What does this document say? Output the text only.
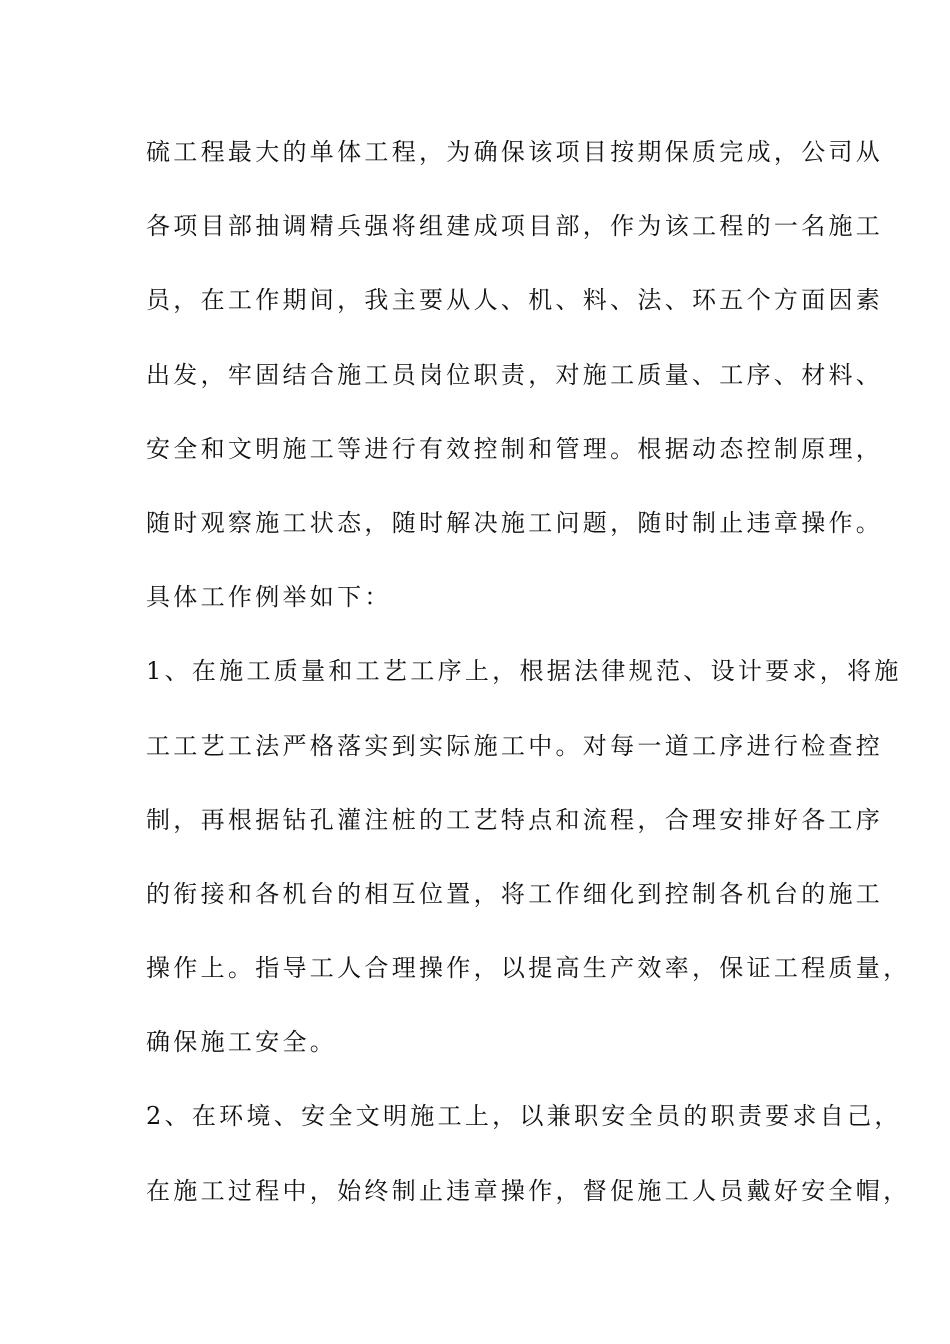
硫工程最大的单体工程，为确保该项目按期保质完成，公司从
各项目部抽调精兵强将组建成项目部，作为该工程的一名施工
员，在工作期间，我主要从人、机、料、法、环五个方面因素
出发，牢固结合施工员岗位职责，对施工质量、工序、材料、
安全和文明施工等进行有效控制和管理。根据动态控制原理，
随时观察施工状态，随时解决施工问题，随时制止违章操作。
具体工作例举如下：
1、在施工质量和工艺工序上，根据法律规范、设计要求，将施
工工艺工法严格落实到实际施工中。对每一道工序进行检查控
制，再根据钻孔灌注桩的工艺特点和流程，合理安排好各工序
的衔接和各机台的相互位置，将工作细化到控制各机台的施工
操作上。指导工人合理操作，以提高生产效率，保证工程质量，
确保施工安全。
2、在环境、安全文明施工上，以兼职安全员的职责要求自己，
在施工过程中，始终制止违章操作，督促施工人员戴好安全帽，
